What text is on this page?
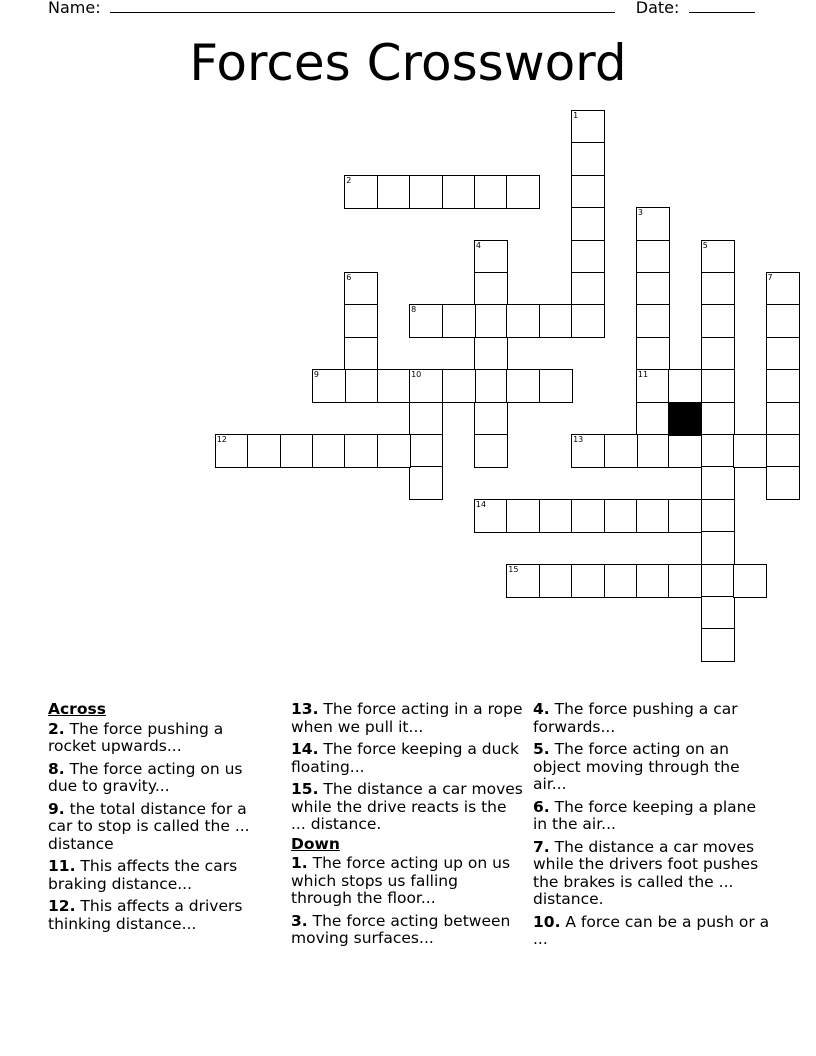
Name:	Date:
Forces Crossword
1
2
3
11
4	5
6	7
8
9	10
12	13
14
15
Across
2. The force pushing a rocket upwards...
8. The force acting on us due to gravity...
9. the total distance for a car to stop is called the ... distance
11. This affects the cars braking distance...
12. This affects a drivers thinking distance...
13. The force acting in a rope when we pull it...
14. The force keeping a duck floating...
15. The distance a car moves while the drive reacts is the ... distance.
Down
1. The force acting up on us which stops us falling through the floor...
3. The force acting between moving surfaces...
4. The force pushing a car forwards...
5. The force acting on an object moving through the air...
6. The force keeping a plane in the air...
7. The distance a car moves while the drivers foot pushes the brakes is called the ... distance.
10. A force can be a push or a ...
